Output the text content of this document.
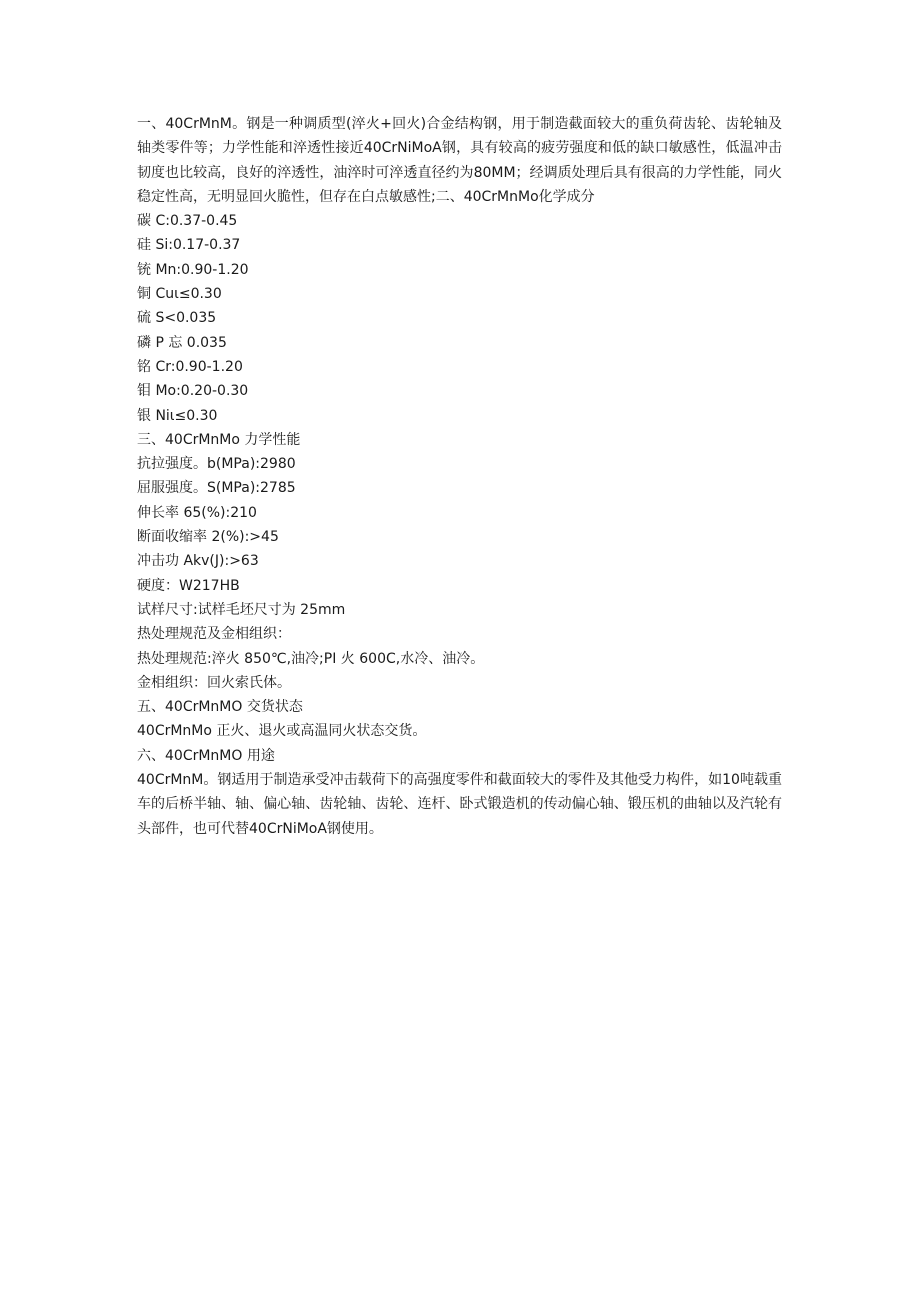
一、40CrMnM。钢是一种调质型(淬火+回火)合金结构钢，用于制造截面较大的重负荷齿轮、齿轮轴及轴类零件等；力学性能和淬透性接近40CrNiMoA钢，具有较高的疲劳强度和低的缺口敏感性，低温冲击韧度也比较高，良好的淬透性，油淬时可淬透直径约为80MM；经调质处理后具有很高的力学性能，同火稳定性高，无明显回火脆性，但存在白点敏感性;二、40CrMnMo化学成分

碳 C:0.37-0.45

硅 Si:0.17-0.37

铳 Mn:0.90-1.20

铜 Cuι≤0.30

硫 S<0.035

磷 P 忘 0.035

铭 Cr:0.90-1.20

钼 Mo:0.20-0.30

银 Niι≤0.30

三、40CrMnMo 力学性能

抗拉强度。b(MPa):2980

屈服强度。S(MPa):2785

伸长率 65(%):210

断面收缩率 2(%):>45

冲击功 Akv(J):>63

硬度：W217HB

试样尺寸:试样毛坯尺寸为 25mm

热处理规范及金相组织：

热处理规范:淬火 850℃,油冷;PI 火 600C,水冷、油冷。

金相组织：回火索氏体。

五、40CrMnMO 交货状态

40CrMnMo 正火、退火或高温同火状态交货。

六、40CrMnMO 用途

40CrMnM。钢适用于制造承受冲击载荷下的高强度零件和截面较大的零件及其他受力构件，如10吨载重车的后桥半轴、轴、偏心轴、齿轮轴、齿轮、连杆、卧式锻造机的传动偏心轴、锻压机的曲轴以及汽轮有头部件，也可代替40CrNiMoA钢使用。
